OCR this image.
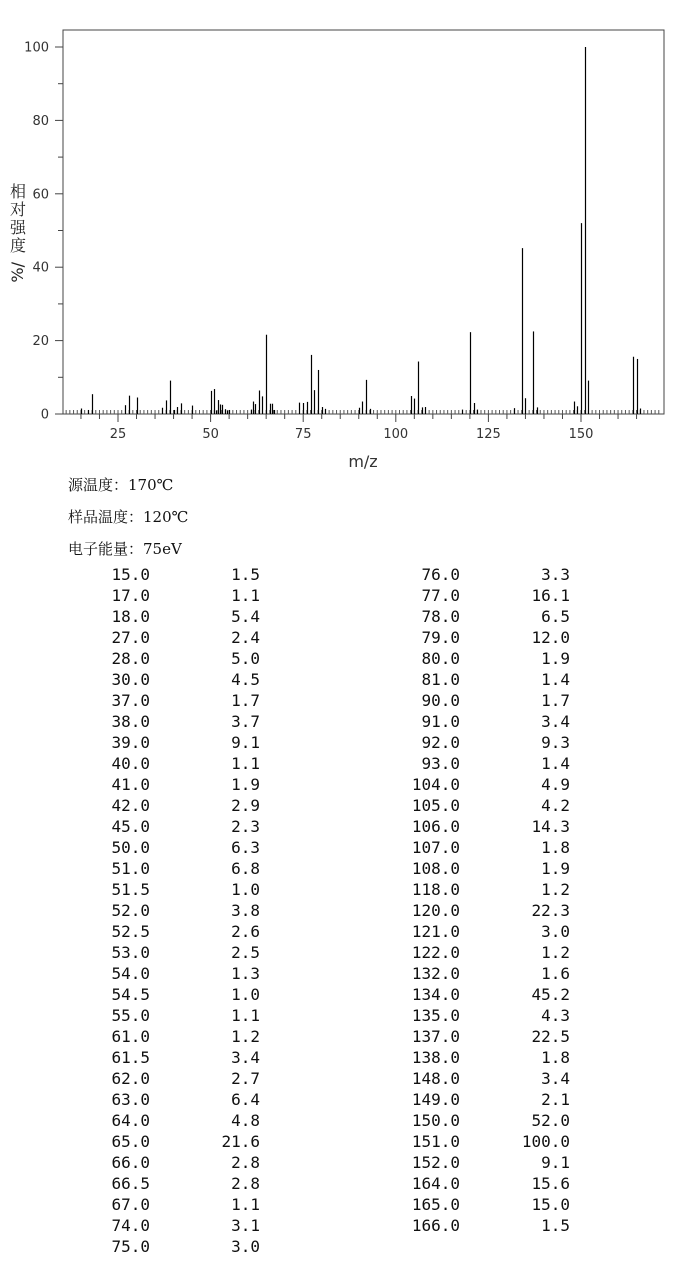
25	50	75	100	125	150
0
20
40
60
80
100
m/z
相
对
强
度
%/
源温度：170℃
样品温度：120℃
电子能量：75eV
15.0	1.5
17.0	1.1
18.0	5.4
27.0	2.4
28.0	5.0
30.0	4.5
37.0	1.7
38.0	3.7
39.0	9.1
40.0	1.1
41.0	1.9
42.0	2.9
45.0	2.3
50.0	6.3
51.0	6.8
51.5	1.0
52.0	3.8
52.5	2.6
53.0	2.5
54.0	1.3
54.5	1.0
55.0	1.1
61.0	1.2
61.5	3.4
62.0	2.7
63.0	6.4
64.0	4.8
65.0	21.6
66.0	2.8
66.5	2.8
67.0	1.1
74.0	3.1
75.0	3.0
76.0	3.3
77.0	16.1
78.0	6.5
79.0	12.0
80.0	1.9
81.0	1.4
90.0	1.7
91.0	3.4
92.0	9.3
93.0	1.4
104.0	4.9
105.0	4.2
106.0	14.3
107.0	1.8
108.0	1.9
118.0	1.2
120.0	22.3
121.0	3.0
122.0	1.2
132.0	1.6
134.0	45.2
135.0	4.3
137.0	22.5
138.0	1.8
148.0	3.4
149.0	2.1
150.0	52.0
151.0	100.0
152.0	9.1
164.0	15.6
165.0	15.0
166.0	1.5
